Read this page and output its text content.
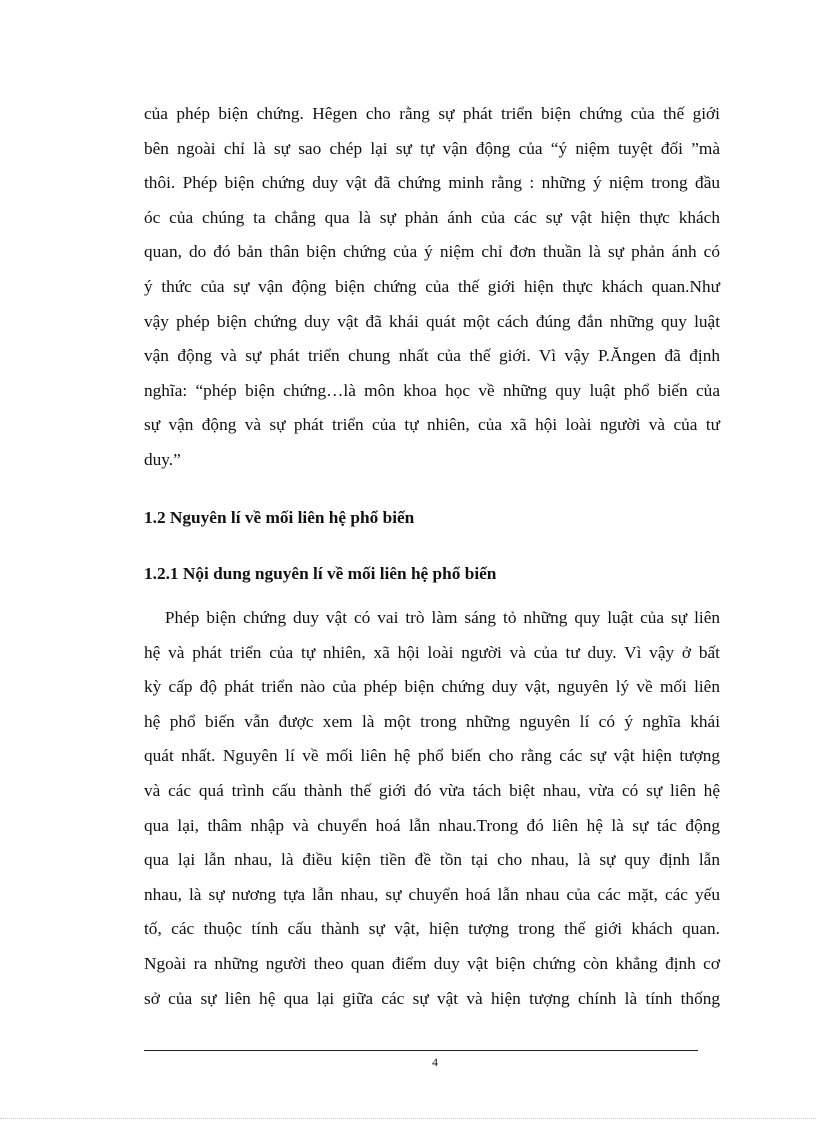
của phép biện chứng. Hêgen cho rằng sự phát triển biện chứng của thế giới
bên ngoài chỉ là sự sao chép lại sự tự vận động của “ý niệm tuyệt đối ”mà
thôi. Phép biện chứng duy vật đã chứng minh rằng : những ý niệm trong đầu
óc của chúng ta chẳng qua là sự phản ánh của các sự vật hiện thực khách
quan, do đó bản thân biện chứng của ý niệm chỉ đơn thuần là sự phản ánh có
ý thức của sự vận động biện chứng của thế giới hiện thực khách quan.Như
vậy phép biện chứng duy vật đã khái quát một cách đúng đắn những quy luật
vận động và sự phát triển chung nhất của thế giới. Vì vậy P.Ăngen đã định
nghĩa: “phép biện chứng…là môn khoa học về những quy luật phổ biến của
sự vận động và sự phát triển của tự nhiên, của xã hội loài người và của tư
duy.”
1.2 Nguyên lí về mối liên hệ phổ biến
1.2.1 Nội dung nguyên lí về mối liên hệ phổ biến
Phép biện chứng duy vật có vai trò làm sáng tỏ những quy luật của sự liên
hệ và phát triển của tự nhiên, xã hội loài người và của tư duy. Vì vậy ở bất
kỳ cấp độ phát triển nào của phép biện chứng duy vật, nguyên lý về mối liên
hệ phổ biến vẫn được xem là một trong những nguyên lí có ý nghĩa khái
quát nhất. Nguyên lí về mối liên hệ phổ biến cho rằng các sự vật hiện tượng
và các quá trình cấu thành thế giới đó vừa tách biệt nhau, vừa có sự liên hệ
qua lại, thâm nhập và chuyển hoá lẫn nhau.Trong đó liên hệ là sự tác động
qua lại lẫn nhau, là điều kiện tiền đề tồn tại cho nhau, là sự quy định lẫn
nhau, là sự nương tựa lẫn nhau, sự chuyển hoá lẫn nhau của các mặt, các yếu
tố, các thuộc tính cấu thành sự vật, hiện tượng trong thế giới khách quan.
Ngoài ra những người theo quan điểm duy vật biện chứng còn khẳng định cơ
sở của sự liên hệ qua lại giữa các sự vật và hiện tượng chính là tính thống
4
